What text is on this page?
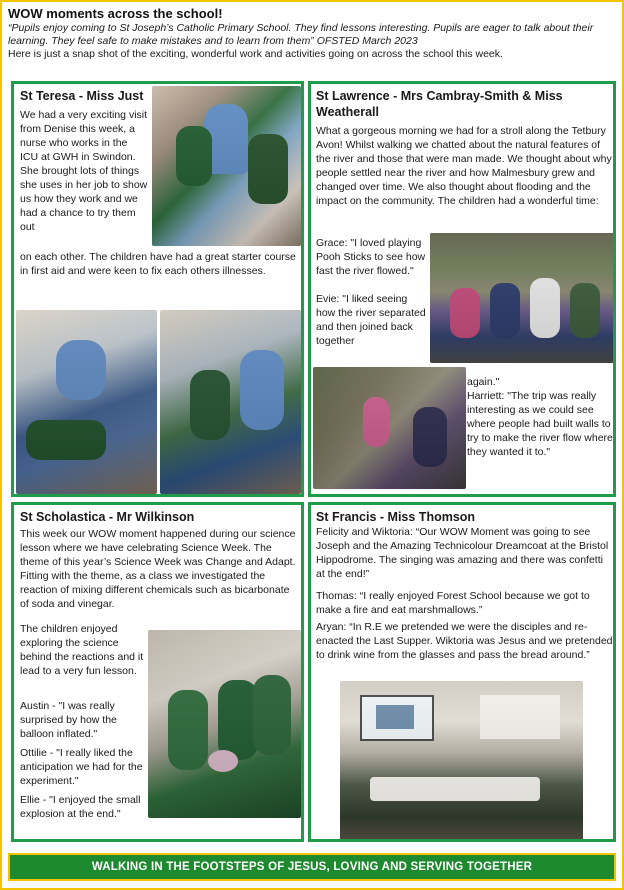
WOW moments across the school!
“Pupils enjoy coming to St Joseph’s Catholic Primary School. They find lessons interesting. Pupils are eager to talk about their learning. They feel safe to make mistakes and to learn from them” OFSTED March 2023
Here is just a snap shot of the exciting, wonderful work and activities going on across the school this week.
St Teresa - Miss Just
We had a very exciting visit from Denise this week, a nurse who works in the ICU at GWH in Swindon. She brought lots of things she uses in her job to show us how they work and we had a chance to try them out
on each other. The children have had a great starter course in first aid and were keen to fix each others illnesses.
St Lawrence - Mrs Cambray-Smith & Miss
Weatherall
What a gorgeous morning we had for a stroll along the Tetbury Avon! Whilst walking we chatted about the natural features of the river and those that were man made. We thought about why people settled near the river and how Malmesbury grew and changed over time. We also thought about flooding and the impact on the community. The children had a wonderful time:
Grace: "I loved playing Pooh Sticks to see how fast the river flowed."
Evie: "I liked seeing how the river separated and then joined back together
again."
Harriett: "The trip was really interesting as we could see where people had built walls to try to make the river flow where they wanted it to."
St Scholastica - Mr Wilkinson
This week our WOW moment happened during our science lesson where we have celebrating Science Week. The theme of this year’s Science Week was Change and Adapt. Fitting with the theme, as a class we investigated the reaction of mixing different chemicals such as bicarbonate of soda and vinegar.
The children enjoyed exploring the science behind the reactions and it lead to a very fun lesson.
Austin - "I was really surprised by how the balloon inflated."
Ottilie - "I really liked the anticipation we had for the experiment."
Ellie - "I enjoyed the small explosion at the end."
St Francis - Miss Thomson
Felicity and Wiktoria: “Our WOW Moment was going to see Joseph and the Amazing Technicolour Dreamcoat at the Bristol Hippodrome. The singing was amazing and there was confetti at the end!”
Thomas: “I really enjoyed Forest School because we got to make a fire and eat marshmallows.”
Aryan: “In R.E we pretended we were the disciples and re-enacted the Last Supper. Wiktoria was Jesus and we pretended to drink wine from the glasses and pass the bread around.”
WALKING IN THE FOOTSTEPS OF JESUS, LOVING AND SERVING TOGETHER
